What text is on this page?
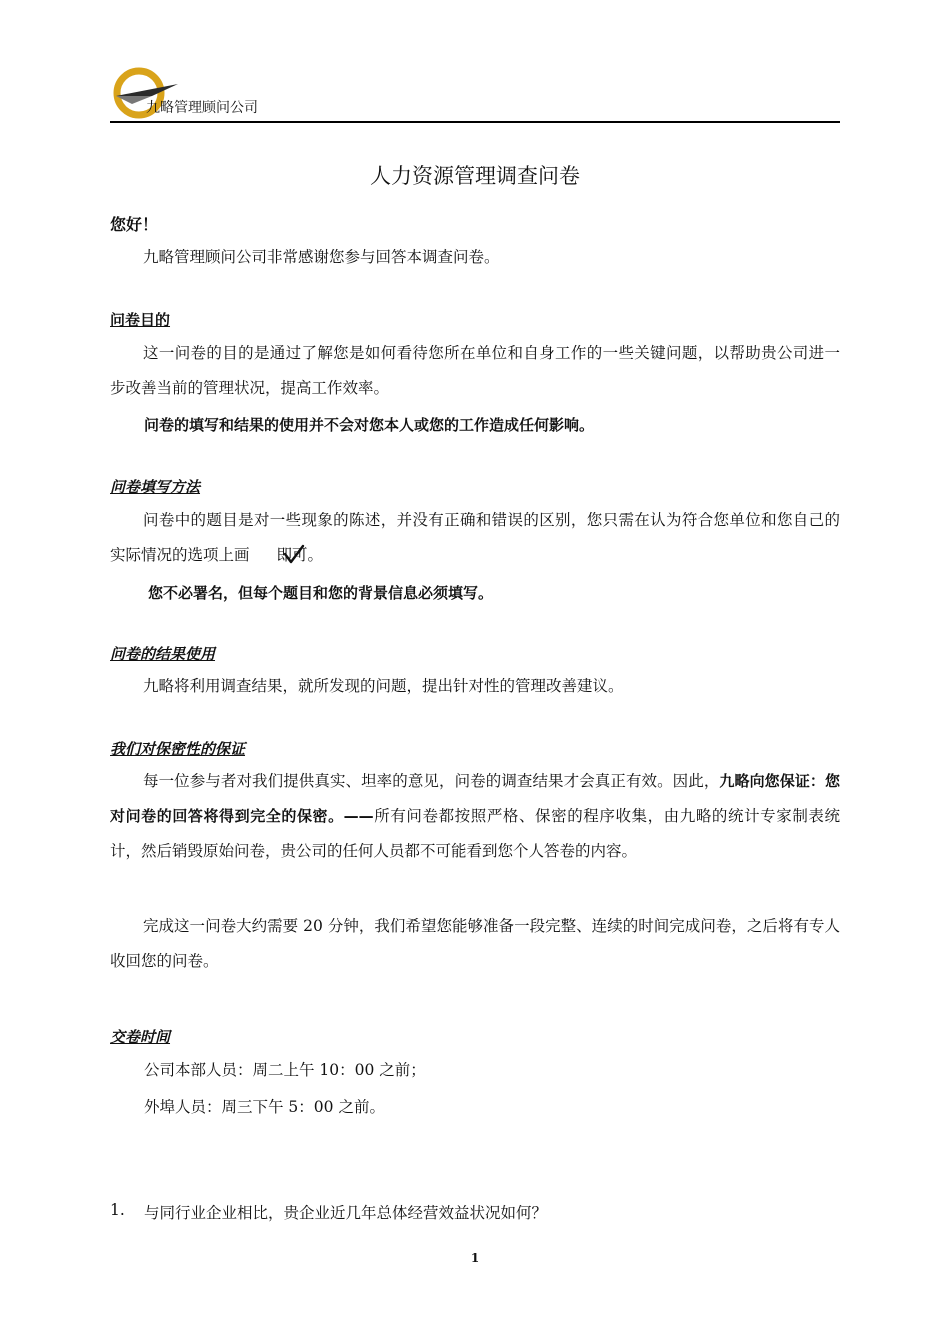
九略管理顾问公司
人力资源管理调查问卷
您好！

九略管理顾问公司非常感谢您参与回答本调查问卷。

问卷目的

这一问卷的目的是通过了解您是如何看待您所在单位和自身工作的一些关键问题，以帮助贵公司进一步改善当前的管理状况，提高工作效率。

问卷的填写和结果的使用并不会对您本人或您的工作造成任何影响。
问卷填写方法

问卷中的题目是对一些现象的陈述，并没有正确和错误的区别，您只需在认为符合您单位和您自己的实际情况的选项上画 即可。

您不必署名，但每个题目和您的背景信息必须填写。
问卷的结果使用

九略将利用调查结果，就所发现的问题，提出针对性的管理改善建议。

我们对保密性的保证

每一位参与者对我们提供真实、坦率的意见，问卷的调查结果才会真正有效。因此，九略向您保证：您对问卷的回答将得到完全的保密。——所有问卷都按照严格、保密的程序收集，由九略的统计专家制表统计，然后销毁原始问卷，贵公司的任何人员都不可能看到您个人答卷的内容。

完成这一问卷大约需要 20 分钟，我们希望您能够准备一段完整、连续的时间完成问卷，之后将有专人收回您的问卷。

交卷时间
公司本部人员：周二上午 10：00 之前；
外埠人员：周三下午 5：00 之前。
1. 与同行业企业相比，贵企业近几年总体经营效益状况如何？
1
